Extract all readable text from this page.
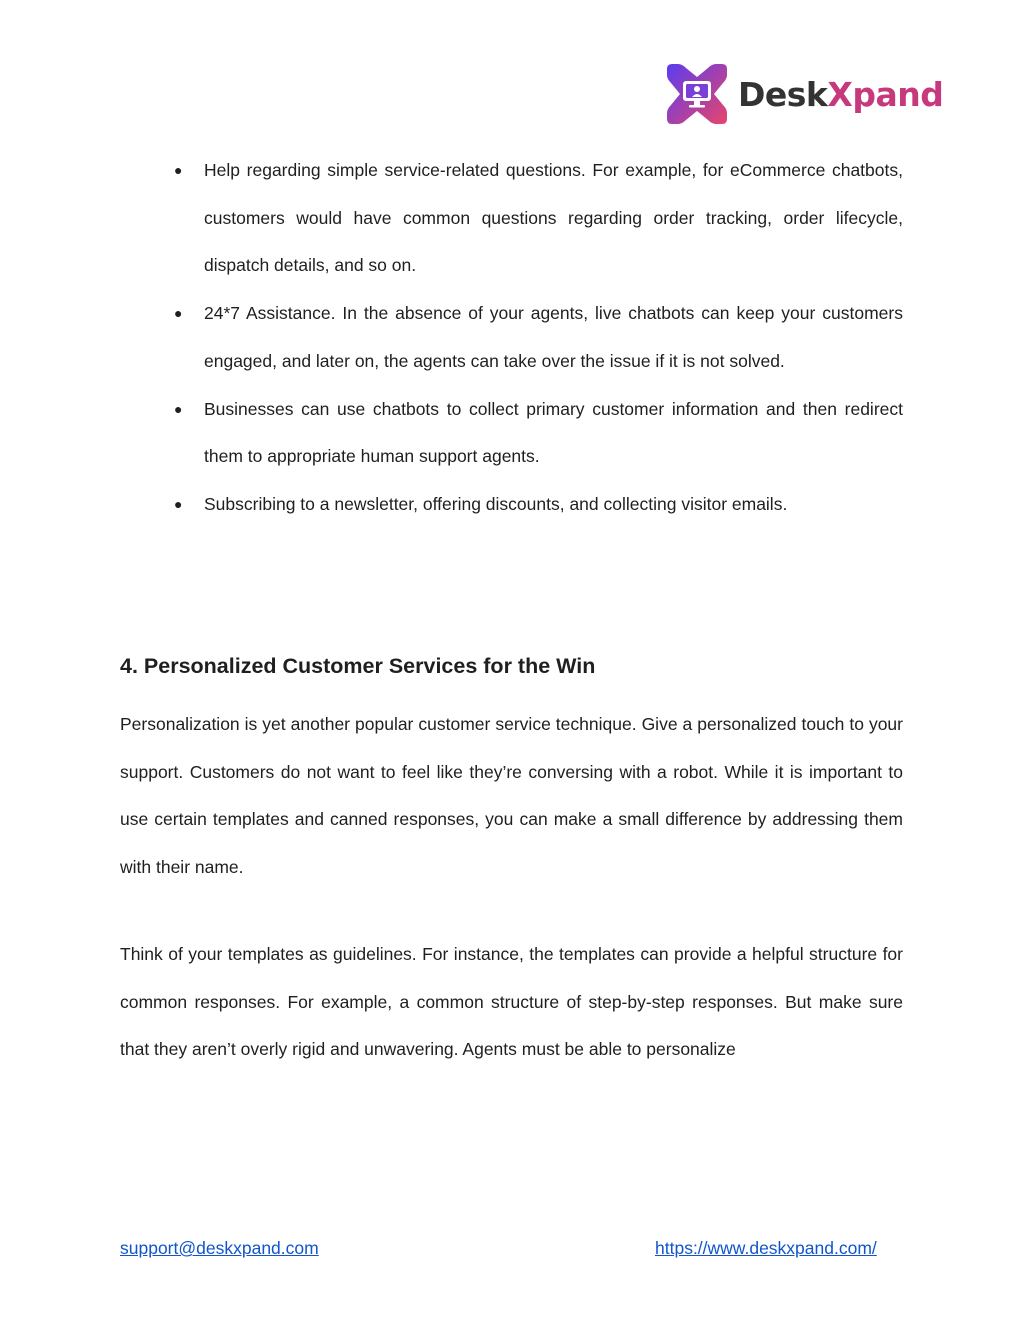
DeskXpand
● Help regarding simple service-related questions. For example, for eCommerce chatbots, customers would have common questions regarding order tracking, order lifecycle, dispatch details, and so on.
● 24*7 Assistance. In the absence of your agents, live chatbots can keep your customers engaged, and later on, the agents can take over the issue if it is not solved.
● Businesses can use chatbots to collect primary customer information and then redirect them to appropriate human support agents.
● Subscribing to a newsletter, offering discounts, and collecting visitor emails.
4. Personalized Customer Services for the Win

Personalization is yet another popular customer service technique. Give a personalized touch to your support. Customers do not want to feel like they’re conversing with a robot. While it is important to use certain templates and canned responses, you can make a small difference by addressing them with their name.

Think of your templates as guidelines. For instance, the templates can provide a helpful structure for common responses. For example, a common structure of step-by-step responses. But make sure that they aren’t overly rigid and unwavering. Agents must be able to personalize

support@deskxpand.com	https://www.deskxpand.com/
